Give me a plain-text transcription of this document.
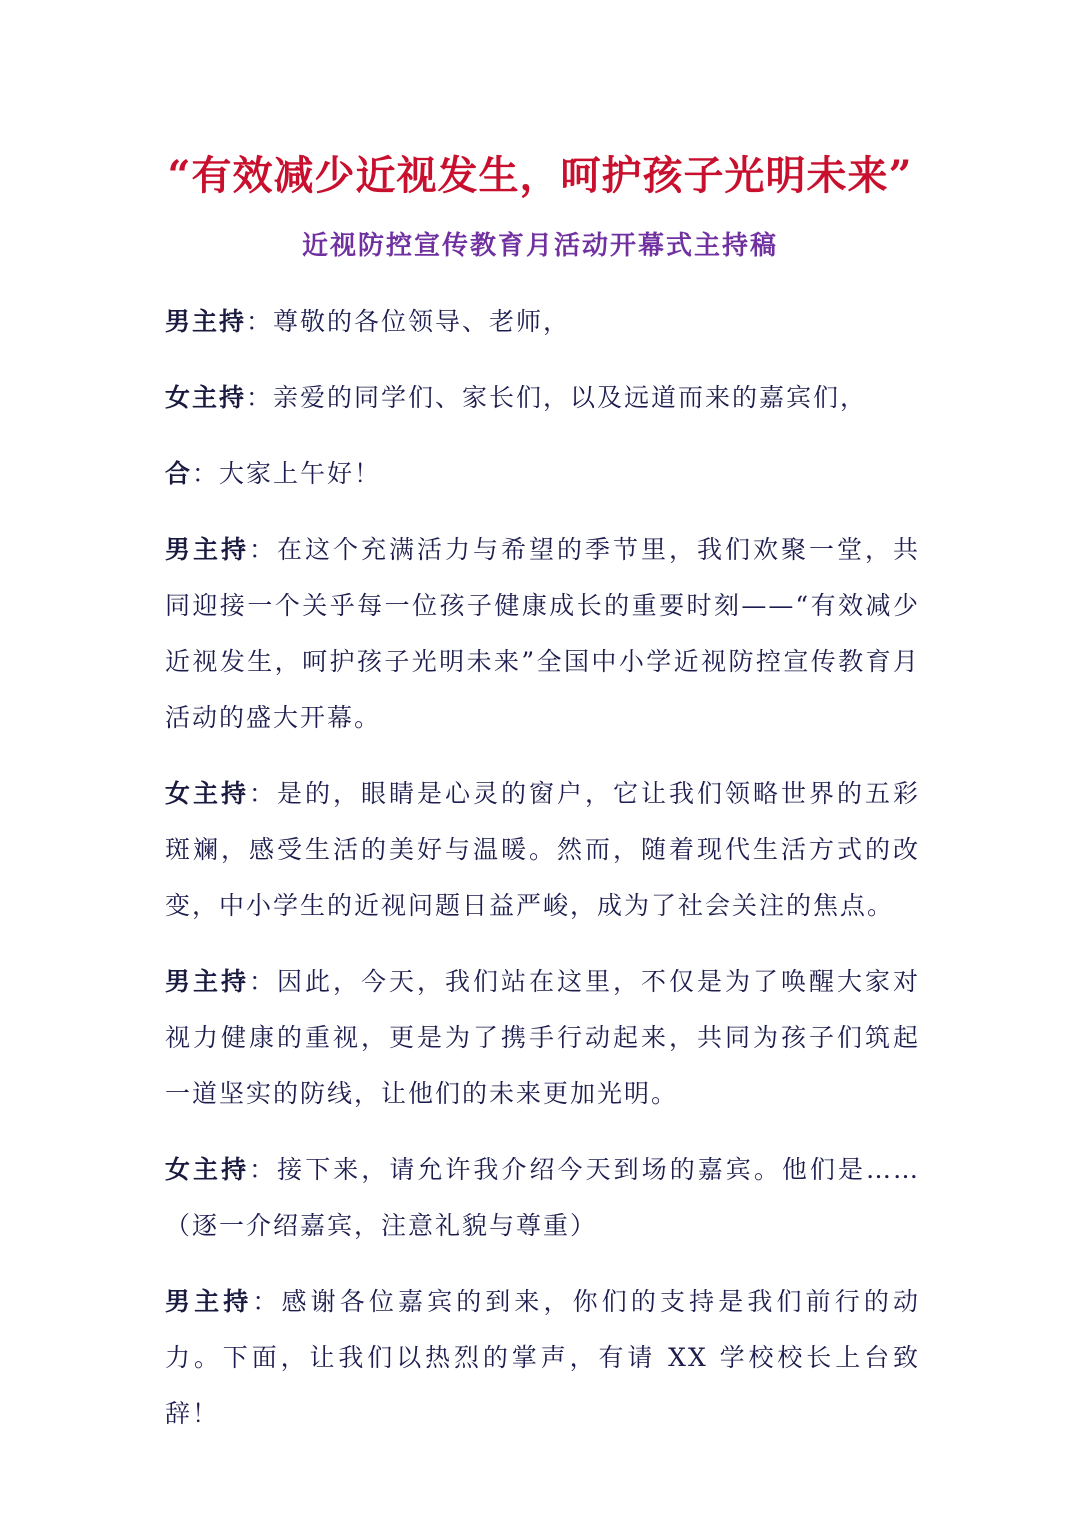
“有效减少近视发生，呵护孩子光明未来”
近视防控宣传教育月活动开幕式主持稿

男主持：尊敬的各位领导、老师，

女主持：亲爱的同学们、家长们，以及远道而来的嘉宾们，

合：大家上午好！

男主持：在这个充满活力与希望的季节里，我们欢聚一堂，共同迎接一个关乎每一位孩子健康成长的重要时刻——“有效减少近视发生，呵护孩子光明未来”全国中小学近视防控宣传教育月活动的盛大开幕。

女主持：是的，眼睛是心灵的窗户，它让我们领略世界的五彩斑斓，感受生活的美好与温暖。然而，随着现代生活方式的改变，中小学生的近视问题日益严峻，成为了社会关注的焦点。

男主持：因此，今天，我们站在这里，不仅是为了唤醒大家对视力健康的重视，更是为了携手行动起来，共同为孩子们筑起一道坚实的防线，让他们的未来更加光明。

女主持：接下来，请允许我介绍今天到场的嘉宾。他们是……（逐一介绍嘉宾，注意礼貌与尊重）

男主持：感谢各位嘉宾的到来，你们的支持是我们前行的动力。下面，让我们以热烈的掌声，有请 XX 学校校长上台致辞！
